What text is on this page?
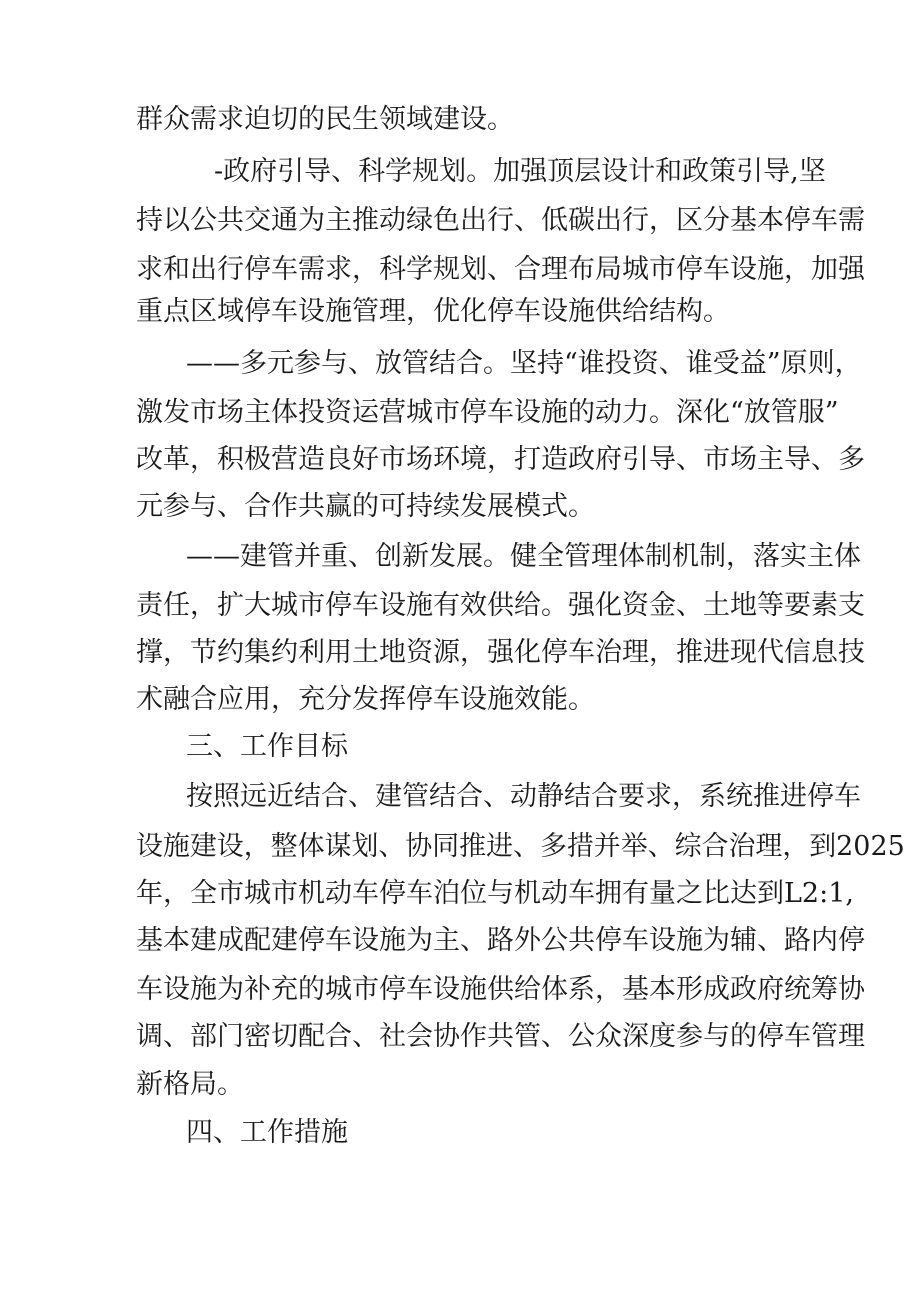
群众需求迫切的民生领域建设。
-政府引导、科学规划。加强顶层设计和政策引导,坚
持以公共交通为主推动绿色出行、低碳出行，区分基本停车需
求和出行停车需求，科学规划、合理布局城市停车设施，加强
重点区域停车设施管理，优化停车设施供给结构。
——多元参与、放管结合。坚持“谁投资、谁受益”原则，
激发市场主体投资运营城市停车设施的动力。深化“放管服”
改革，积极营造良好市场环境，打造政府引导、市场主导、多
元参与、合作共赢的可持续发展模式。
——建管并重、创新发展。健全管理体制机制，落实主体
责任，扩大城市停车设施有效供给。强化资金、土地等要素支
撑，节约集约利用土地资源，强化停车治理，推进现代信息技
术融合应用，充分发挥停车设施效能。
三、工作目标
按照远近结合、建管结合、动静结合要求，系统推进停车
设施建设，整体谋划、协同推进、多措并举、综合治理，到2025
年，全市城市机动车停车泊位与机动车拥有量之比达到L2:1,
基本建成配建停车设施为主、路外公共停车设施为辅、路内停
车设施为补充的城市停车设施供给体系，基本形成政府统筹协
调、部门密切配合、社会协作共管、公众深度参与的停车管理
新格局。
四、工作措施
